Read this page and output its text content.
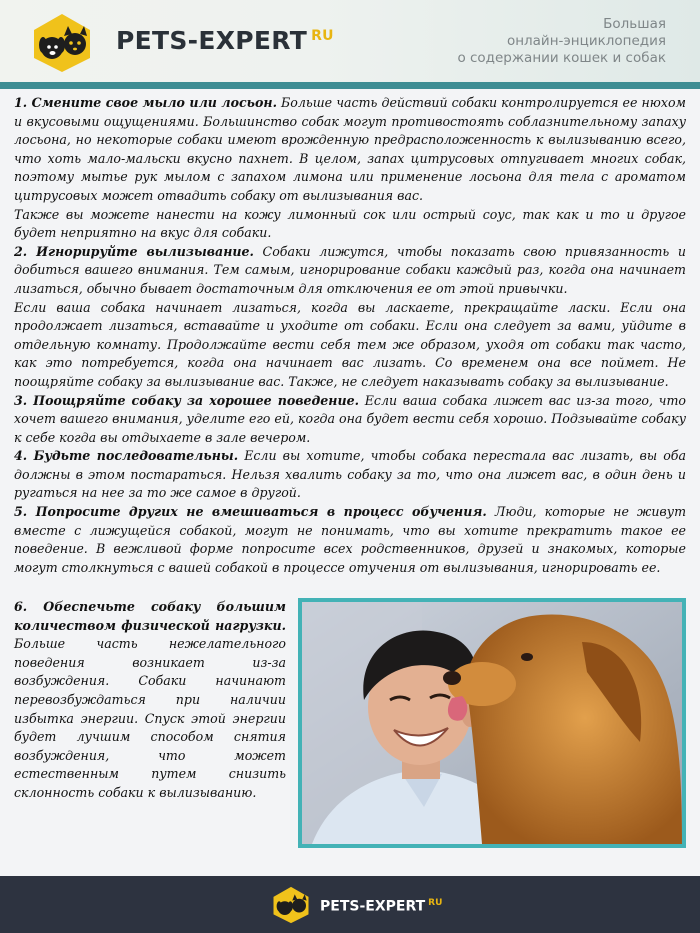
PETS-EXPERT $^{RU}$
Большая
онлайн-энциклопедия
о содержании кошек и собак

1. Смените свое мыло или лосьон. Больше часть действий собаки контролируется ее нюхом и вкусовыми ощущениями. Большинство собак могут противостоять соблазнительному запаху лосьона, но некоторые собаки имеют врожденную предрасположенность к вылизыванию всего, что хоть мало-мальски вкусно пахнет. В целом, запах цитрусовых отпугивает многих собак, поэтому мытье рук мылом с запахом лимона или применение лосьона для тела с ароматом цитрусовых может отвадить собаку от вылизывания вас.

Также вы можете нанести на кожу лимонный сок или острый соус, так как и то и другое будет неприятно на вкус для собаки.

2. Игнорируйте вылизывание. Собаки лижутся, чтобы показать свою привязанность и добиться вашего внимания. Тем самым, игнорирование собаки каждый раз, когда она начинает лизаться, обычно бывает достаточным для отключения ее от этой привычки.

Если ваша собака начинает лизаться, когда вы ласкаете, прекращайте ласки. Если она продолжает лизаться, вставайте и уходите от собаки. Если она следует за вами, уйдите в отдельную комнату. Продолжайте вести себя тем же образом, уходя от собаки так часто, как это потребуется, когда она начинает вас лизать. Со временем она все поймет. Не поощряйте собаку за вылизывание вас. Также, не следует наказывать собаку за вылизывание.

3. Поощряйте собаку за хорошее поведение. Если ваша собака лижет вас из-за того, что хочет вашего внимания, уделите его ей, когда она будет вести себя хорошо. Подзывайте собаку к себе когда вы отдыхаете в зале вечером.

4. Будьте последовательны. Если вы хотите, чтобы собака перестала вас лизать, вы оба должны в этом постараться. Нельзя хвалить собаку за то, что она лижет вас, в один день и ругаться на нее за то же самое в другой.

5. Попросите других не вмешиваться в процесс обучения. Люди, которые не живут вместе с лижущейся собакой, могут не понимать, что вы хотите прекратить такое ее поведение. В вежливой форме попросите всех родственников, друзей и знакомых, которые могут столкнуться с вашей собакой в процессе отучения от вылизывания, игнорировать ее.

6. Обеспечьте собаку большим количеством физической нагрузки. Больше часть нежелательного поведения возникает из-за возбуждения. Собаки начинают перевозбуждаться при наличии избытка энергии. Спуск этой энергии будет лучшим способом снятия возбуждения, что может естественным путем снизить склонность собаки к вылизыванию.
PETS-EXPERT $^{RU}$
